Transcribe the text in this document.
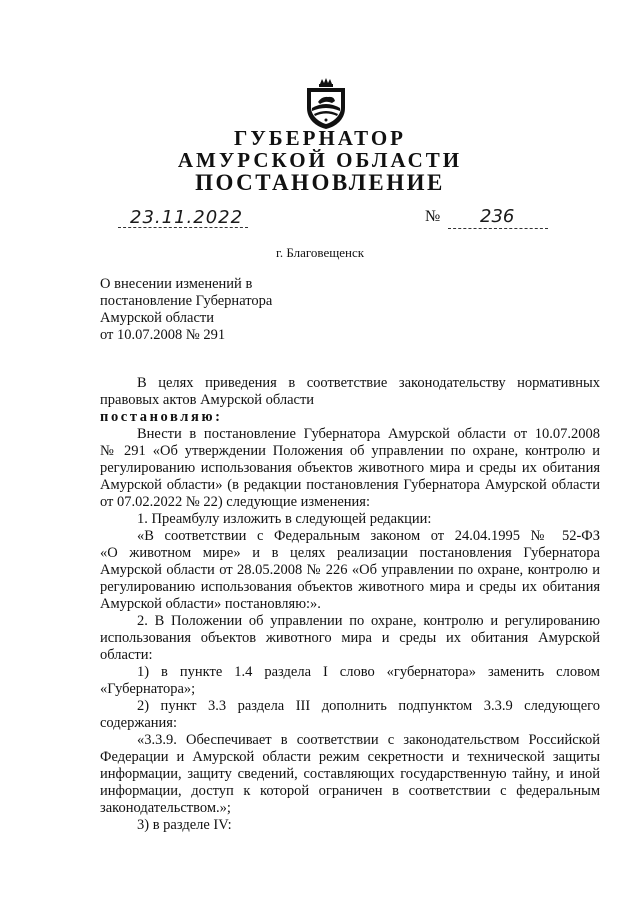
ГУБЕРНАТОР
АМУРСКОЙ ОБЛАСТИ
ПОСТАНОВЛЕНИЕ
23.11.2022	№ 236
г. Благовещенск
О внесении изменений в
постановление Губернатора
Амурской области
от 10.07.2008 № 291
В целях приведения в соответствие законодательству нормативных
правовых актов Амурской области
постановляю:
Внести в постановление Губернатора Амурской области от 10.07.2008
№ 291 «Об утверждении Положения об управлении по охране, контролю и
регулированию использования объектов животного мира и среды их обитания
Амурской области» (в редакции постановления Губернатора Амурской области
от 07.02.2022 № 22) следующие изменения:
1. Преамбулу изложить в следующей редакции:
«В соответствии с Федеральным законом от 24.04.1995 № 52-ФЗ
«О животном мире» и в целях реализации постановления Губернатора
Амурской области от 28.05.2008 № 226 «Об управлении по охране, контролю и
регулированию использования объектов животного мира и среды их обитания
Амурской области» постановляю:».
2. В Положении об управлении по охране, контролю и регулированию
использования объектов животного мира и среды их обитания Амурской
области:
1) в пункте 1.4 раздела I слово «губернатора» заменить словом
«Губернатора»;
2) пункт 3.3 раздела III дополнить подпунктом 3.3.9 следующего
содержания:
«3.3.9. Обеспечивает в соответствии с законодательством Российской
Федерации и Амурской области режим секретности и технической защиты
информации, защиту сведений, составляющих государственную тайну, и иной
информации, доступ к которой ограничен в соответствии с федеральным
законодательством.»;
3) в разделе IV:
